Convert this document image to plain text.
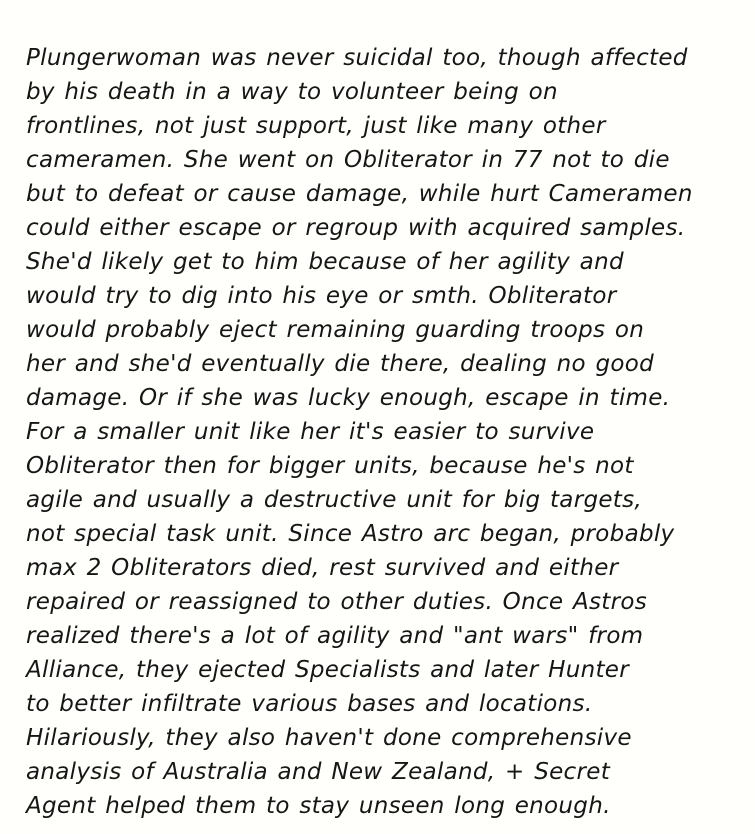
Plungerwoman was never suicidal too, though affected
by his death in a way to volunteer being on
frontlines, not just support, just like many other
cameramen. She went on Obliterator in 77 not to die
but to defeat or cause damage, while hurt Cameramen
could either escape or regroup with acquired samples.
She'd likely get to him because of her agility and
would try to dig into his eye or smth. Obliterator
would probably eject remaining guarding troops on
her and she'd eventually die there, dealing no good
damage. Or if she was lucky enough, escape in time.
For a smaller unit like her it's easier to survive
Obliterator then for bigger units, because he's not
agile and usually a destructive unit for big targets,
not special task unit. Since Astro arc began, probably
max 2 Obliterators died, rest survived and either
repaired or reassigned to other duties. Once Astros
realized there's a lot of agility and "ant wars" from
Alliance, they ejected Specialists and later Hunter
to better infiltrate various bases and locations.
Hilariously, they also haven't done comprehensive
analysis of Australia and New Zealand, + Secret
Agent helped them to stay unseen long enough.
